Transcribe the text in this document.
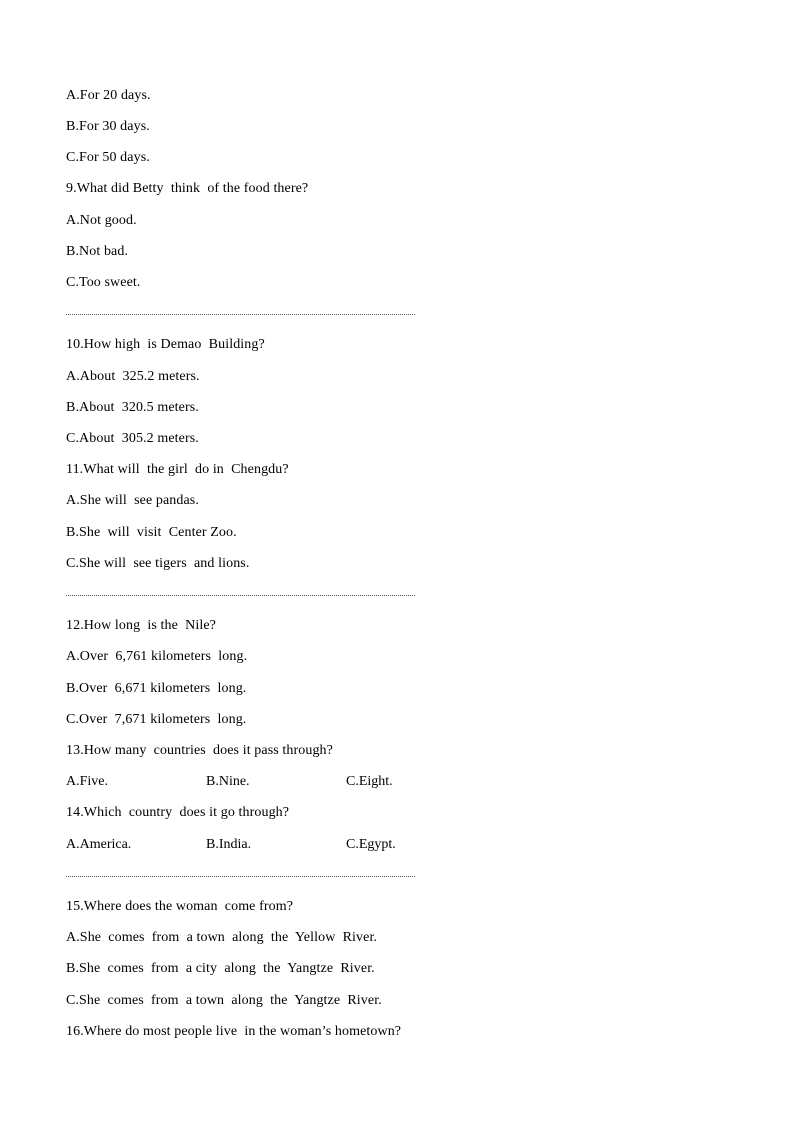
A.For 20 days.
B.For 30 days.
C.For 50 days.
9.What did Betty  think  of the food there?
A.Not good.
B.Not bad.
C.Too sweet.
10.How high  is Demao  Building?
A.About  325.2 meters.
B.About  320.5 meters.
C.About  305.2 meters.
11.What will  the girl  do in  Chengdu?
A.She will  see pandas.
B.She  will  visit  Center Zoo.
C.She will  see tigers  and lions.
12.How long  is the  Nile?
A.Over  6,761 kilometers  long.
B.Over  6,671 kilometers  long.
C.Over  7,671 kilometers  long.
13.How many  countries  does it pass through?
A.Five.	B.Nine.	C.Eight.
14.Which  country  does it go through?
A.America.	B.India.	C.Egypt.
15.Where does the woman  come from?
A.She  comes  from  a town  along  the  Yellow  River.
B.She  comes  from  a city  along  the  Yangtze  River.
C.She  comes  from  a town  along  the  Yangtze  River.
16.Where do most people live  in the woman’s hometown?
